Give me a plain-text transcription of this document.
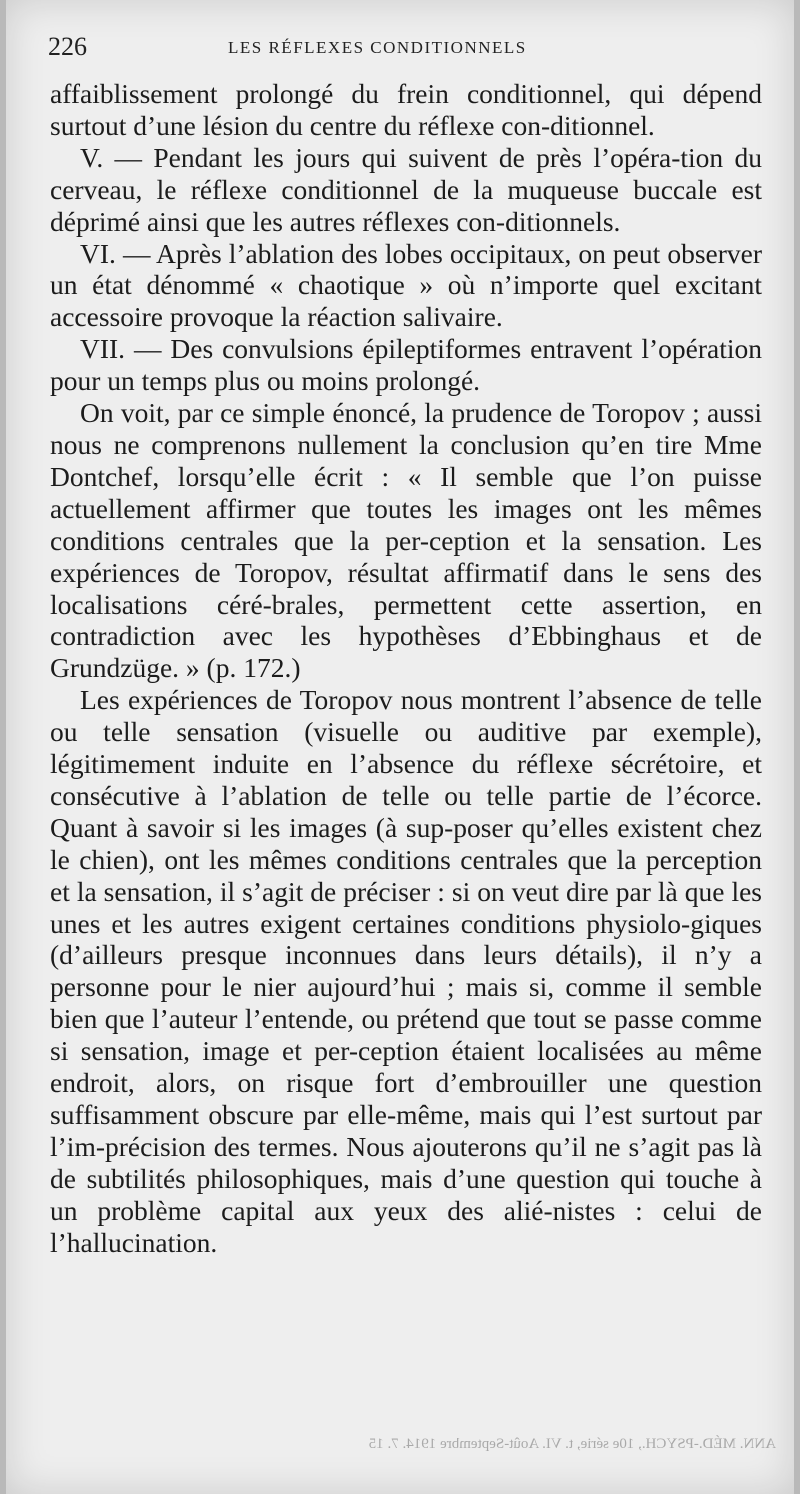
226	LES RÉFLEXES CONDITIONNELS

affaiblissement prolongé du frein conditionnel, qui dépend surtout d’une lésion du centre du réflexe con-ditionnel.

V. — Pendant les jours qui suivent de près l’opéra-tion du cerveau, le réflexe conditionnel de la muqueuse buccale est déprimé ainsi que les autres réflexes con-ditionnels.

VI. — Après l’ablation des lobes occipitaux, on peut observer un état dénommé « chaotique » où n’importe quel excitant accessoire provoque la réaction salivaire.

VII. — Des convulsions épileptiformes entravent l’opération pour un temps plus ou moins prolongé.

On voit, par ce simple énoncé, la prudence de Toropov ; aussi nous ne comprenons nullement la conclusion qu’en tire Mme Dontchef, lorsqu’elle écrit : « Il semble que l’on puisse actuellement affirmer que toutes les images ont les mêmes conditions centrales que la per-ception et la sensation. Les expériences de Toropov, résultat affirmatif dans le sens des localisations céré-brales, permettent cette assertion, en contradiction avec les hypothèses d’Ebbinghaus et de Grundzüge. » (p. 172.)

Les expériences de Toropov nous montrent l’absence de telle ou telle sensation (visuelle ou auditive par exemple), légitimement induite en l’absence du réflexe sécrétoire, et consécutive à l’ablation de telle ou telle partie de l’écorce. Quant à savoir si les images (à sup-poser qu’elles existent chez le chien), ont les mêmes conditions centrales que la perception et la sensation, il s’agit de préciser : si on veut dire par là que les unes et les autres exigent certaines conditions physiolo-giques (d’ailleurs presque inconnues dans leurs détails), il n’y a personne pour le nier aujourd’hui ; mais si, comme il semble bien que l’auteur l’entende, ou prétend que tout se passe comme si sensation, image et per-ception étaient localisées au même endroit, alors, on risque fort d’embrouiller une question suffisamment obscure par elle-même, mais qui l’est surtout par l’im-précision des termes. Nous ajouterons qu’il ne s’agit pas là de subtilités philosophiques, mais d’une question qui touche à un problème capital aux yeux des alié-nistes : celui de l’hallucination.

ANN. MÉD.-PSYCH., 10e série, t. VI. Août-Septembre 1914. 7. 15
